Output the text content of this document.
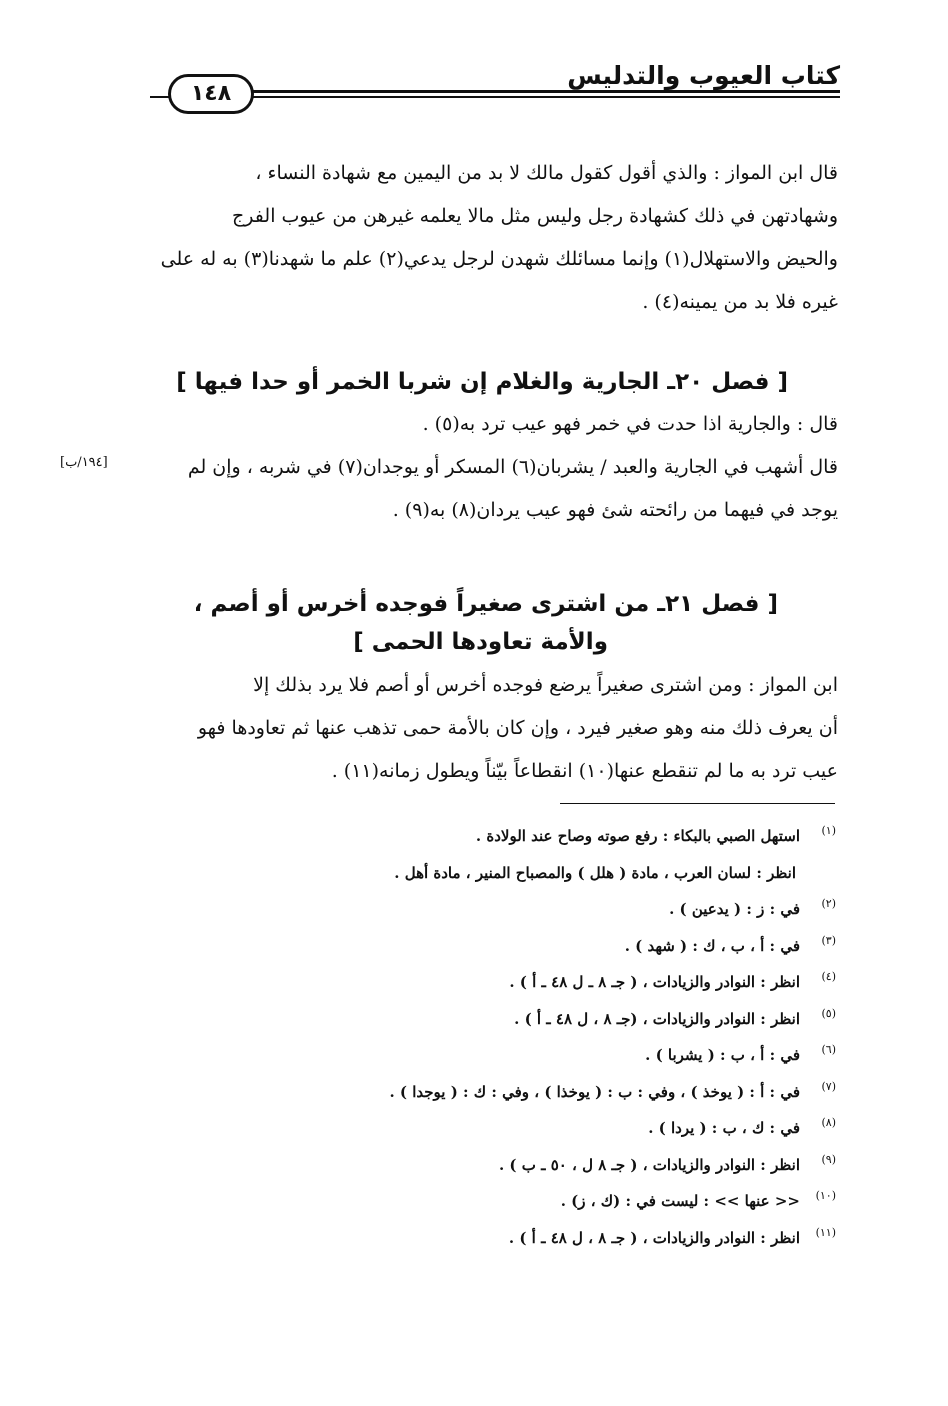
كتاب العيوب والتدليس
١٤٨
قال ابن المواز : والذي أقول كقول مالك لا بد من اليمين مع شهادة النساء ،
وشهادتهن في ذلك كشهادة رجل وليس مثل مالا يعلمه غيرهن من عيوب الفرج
والحيض والاستهلال(١) وإنما مسائلك شهدن لرجل يدعي(٢) علم ما شهدنا(٣) به له على
غيره فلا بد من يمينه(٤) .
[ فصل ٢٠ـ الجارية والغلام إن شربا الخمر أو حدا فيها ]
قال : والجارية اذا حدت في خمر فهو عيب ترد به(٥) .
قال أشهب في الجارية والعبد / يشربان(٦) المسكر أو يوجدان(٧) في شربه ، وإن لم
يوجد في فيهما من رائحته شئ فهو عيب يردان(٨) به(٩) .
[١٩٤/ب]
[ فصل ٢١ـ من اشترى صغيراً فوجده أخرس أو أصم ،
والأمة تعاودها الحمى ]
ابن المواز : ومن اشترى صغيراً يرضع فوجده أخرس أو أصم فلا يرد بذلك إلا
أن يعرف ذلك منه وهو صغير فيرد ، وإن كان بالأمة حمى تذهب عنها ثم تعاودها فهو
عيب ترد به ما لم تنقطع عنها(١٠) انقطاعاً بيّناً ويطول زمانه(١١) .
(١)
استهل الصبي بالبكاء : رفع صوته وصاح عند الولادة .
انظر : لسان العرب ، مادة ( هلل ) والمصباح المنير ، مادة أهل .
(٢)
في : ز : ( يدعين ) .
(٣)
في : أ ، ب ، ك : ( شهد ) .
(٤)
انظر : النوادر والزيادات ، ( جـ ٨ ـ ل ٤٨ ـ أ ) .
(٥)
انظر : النوادر والزيادات ، (جـ ٨ ، ل ٤٨ ـ أ ) .
(٦)
في : أ ، ب : ( يشربا ) .
(٧)
في : أ : ( يوخذ ) ، وفي : ب : ( يوخذا ) ، وفي : ك : ( يوجدا ) .
(٨)
في : ك ، ب : ( يردا ) .
(٩)
انظر : النوادر والزيادات ، ( جـ ٨ ل ، ٥٠ ـ ب ) .
(١٠)
<< عنها >> : ليست في : (ك ، ز) .
(١١)
انظر : النوادر والزيادات ، ( جـ ٨ ، ل ٤٨ ـ أ ) .
